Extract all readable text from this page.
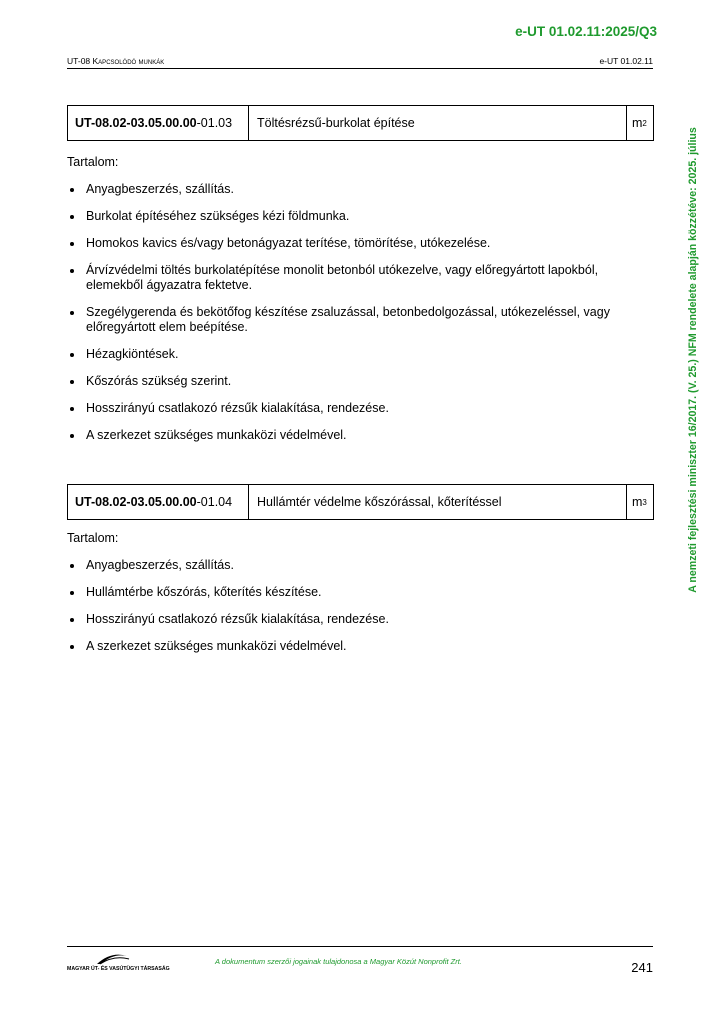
e-UT 01.02.11:2025/Q3
UT-08 Kapcsolódó munkák	e-UT 01.02.11
A nemzeti fejlesztési miniszter 16/2017. (V. 25.) NFM rendelete alapján közzétéve: 2025. július
UT-08.02-03.05.00.00 -01.03	Töltésrézsű-burkolat építése	m 2

Tartalom:

Anyagbeszerzés, szállítás.
Burkolat építéséhez szükséges kézi földmunka.
Homokos kavics és/vagy betonágyazat terítése, tömörítése, utókezelése.
Árvízvédelmi töltés burkolatépítése monolit betonból utókezelve, vagy előregyártott lapokból, elemekből ágyazatra fektetve.
Szegélygerenda és bekötőfog készítése zsaluzással, betonbedolgozással, utókezeléssel, vagy előregyártott elem beépítése.
Hézagkiöntések.
Kőszórás szükség szerint.
Hosszirányú csatlakozó rézsűk kialakítása, rendezése.
A szerkezet szükséges munkaközi védelmével.
UT-08.02-03.05.00.00 -01.04	Hullámtér védelme kőszórással, kőterítéssel	m 3

Tartalom:

Anyagbeszerzés, szállítás.
Hullámtérbe kőszórás, kőterítés készítése.
Hosszirányú csatlakozó rézsűk kialakítása, rendezése.
A szerkezet szükséges munkaközi védelmével.
MAGYAR ÚT- ÉS VASÚTÜGYI TÁRSASÁG
A dokumentum szerzői jogainak tulajdonosa a Magyar Közút Nonprofit Zrt.	241
